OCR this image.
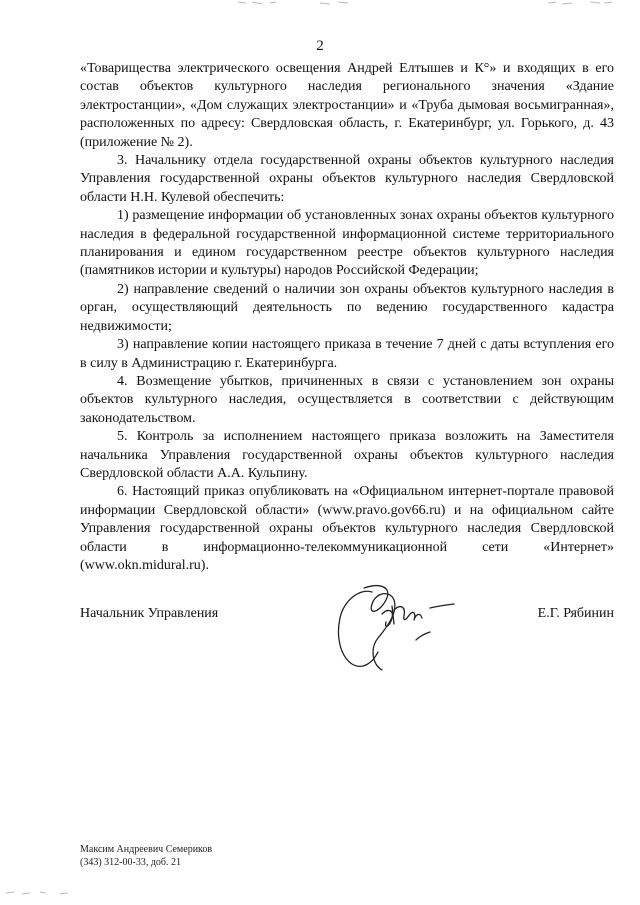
2

«Товарищества электрического освещения Андрей Елтышев и К°» и входящих в его состав объектов культурного наследия регионального значения «Здание электростанции», «Дом служащих электростанции» и «Труба дымовая восьмигранная», расположенных по адресу: Свердловская область, г. Екатеринбург, ул. Горького, д. 43 (приложение № 2).

3. Начальнику отдела государственной охраны объектов культурного наследия Управления государственной охраны объектов культурного наследия Свердловской области Н.Н. Кулевой обеспечить:

1) размещение информации об установленных зонах охраны объектов культурного наследия в федеральной государственной информационной системе территориального планирования и едином государственном реестре объектов культурного наследия (памятников истории и культуры) народов Российской Федерации;

2) направление сведений о наличии зон охраны объектов культурного наследия в орган, осуществляющий деятельность по ведению государственного кадастра недвижимости;

3) направление копии настоящего приказа в течение 7 дней с даты вступления его в силу в Администрацию г. Екатеринбурга.

4. Возмещение убытков, причиненных в связи с установлением зон охраны объектов культурного наследия, осуществляется в соответствии с действующим законодательством.

5. Контроль за исполнением настоящего приказа возложить на Заместителя начальника Управления государственной охраны объектов культурного наследия Свердловской области А.А. Кульпину.

6. Настоящий приказ опубликовать на «Официальном интернет-портале правовой информации Свердловской области» (www.pravo.gov66.ru) и на официальном сайте Управления государственной охраны объектов культурного наследия Свердловской области в информационно-телекоммуникационной сети «Интернет» (www.okn.midural.ru).

Начальник Управления	Е.Г. Рябинин
Максим Андреевич Семериков
(343) 312-00-33, доб. 21
